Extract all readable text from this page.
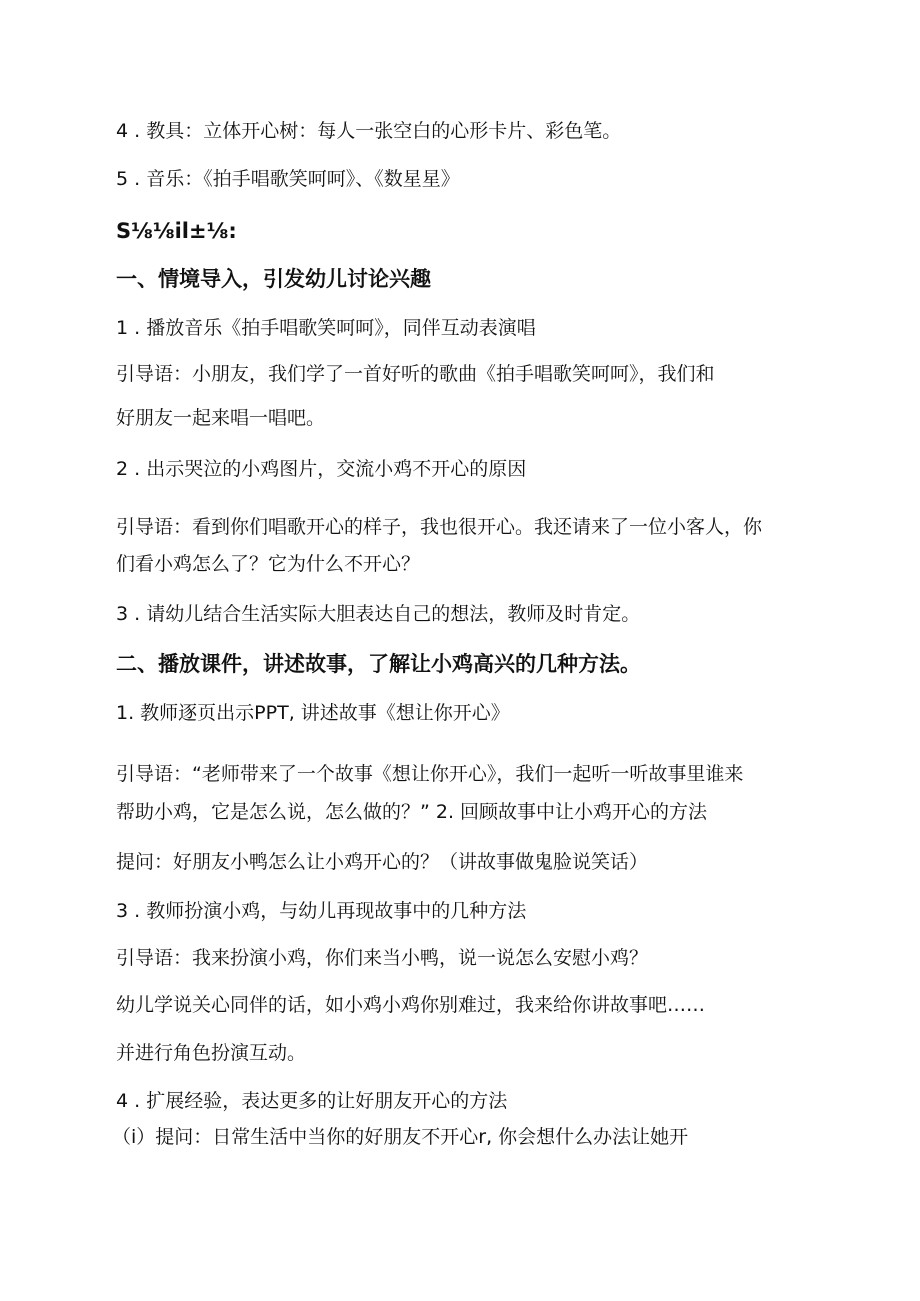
4 . 教具：立体开心树：每人一张空白的心形卡片、彩色笔。
5 . 音乐：《拍手唱歌笑呵呵》、《数星星》
S⅛⅛il±⅛:
一、情境导入，引发幼儿讨论兴趣
1 . 播放音乐《拍手唱歌笑呵呵》，同伴互动表演唱
引导语：小朋友，我们学了一首好听的歌曲《拍手唱歌笑呵呵》，我们和
好朋友一起来唱一唱吧。
2 . 出示哭泣的小鸡图片，交流小鸡不开心的原因
引导语：看到你们唱歌开心的样子，我也很开心。我还请来了一位小客人，你
们看小鸡怎么了？它为什么不开心？
3 . 请幼儿结合生活实际大胆表达自己的想法，教师及时肯定。
二、播放课件，讲述故事，了解让小鸡高兴的几种方法。
1. 教师逐页出示PPT, 讲述故事《想让你开心》
引导语：“老师带来了一个故事《想让你开心》，我们一起听一听故事里谁来
帮助小鸡，它是怎么说，怎么做的？” 2. 回顾故事中让小鸡开心的方法
提问：好朋友小鸭怎么让小鸡开心的？（讲故事做鬼脸说笑话）
3 . 教师扮演小鸡，与幼儿再现故事中的几种方法
引导语：我来扮演小鸡，你们来当小鸭，说一说怎么安慰小鸡？
幼儿学说关心同伴的话，如小鸡小鸡你别难过，我来给你讲故事吧……
并进行角色扮演互动。
4 . 扩展经验，表达更多的让好朋友开心的方法
（i）提问：日常生活中当你的好朋友不开心r, 你会想什么办法让她开
